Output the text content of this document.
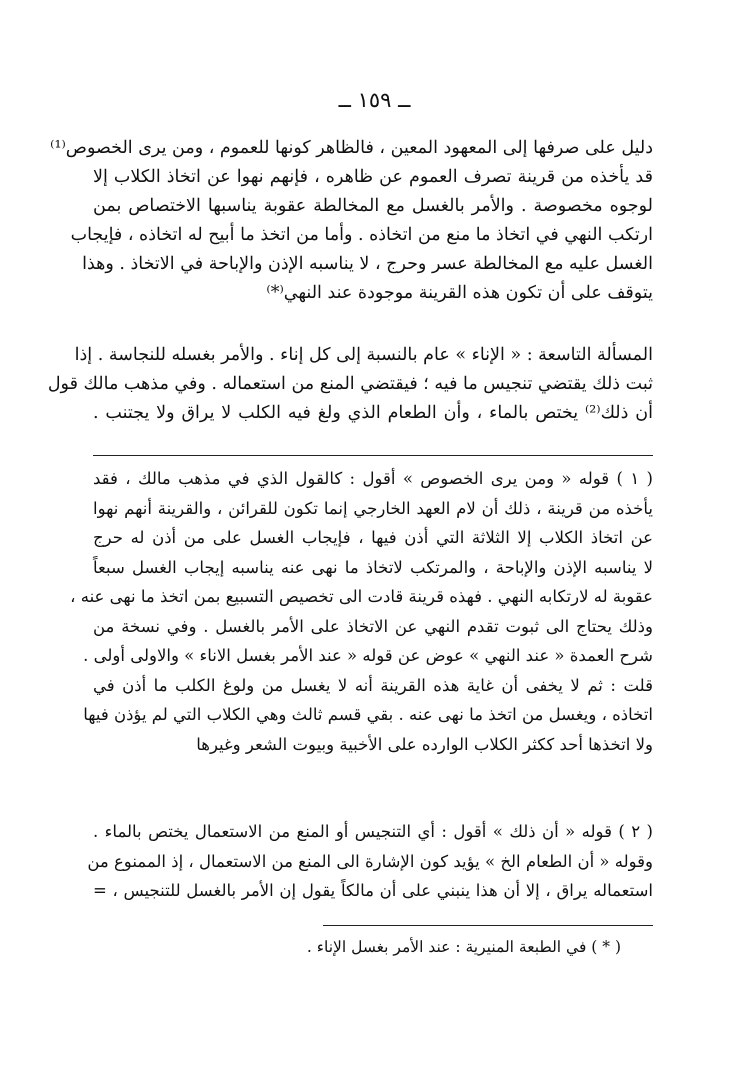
ــ ١٥٩ ــ
دليل على صرفها إلى المعهود المعين ، فالظاهر كونها للعموم ، ومن يرى الخصوص⁽¹⁾
قد يأخذه من قرينة تصرف العموم عن ظاهره ، فإنهم نهوا عن اتخاذ الكلاب إلا
لوجوه مخصوصة . والأمر بالغسل مع المخالطة عقوبة يناسبها الاختصاص بمن
ارتكب النهي في اتخاذ ما منع من اتخاذه . وأما من اتخذ ما أبيح له اتخاذه ، فإيجاب
الغسل عليه مع المخالطة عسر وحرج ، لا يناسبه الإذن والإباحة في الاتخاذ . وهذا
يتوقف على أن تكون هذه القرينة موجودة عند النهي⁽*⁾
المسألة التاسعة : « الإناء » عام بالنسبة إلى كل إناء . والأمر بغسله للنجاسة . إذا
ثبت ذلك يقتضي تنجيس ما فيه ؛ فيقتضي المنع من استعماله . وفي مذهب مالك قول
أن ذلك⁽²⁾ يختص بالماء ، وأن الطعام الذي ولغ فيه الكلب لا يراق ولا يجتنب .
( ١ ) قوله « ومن يرى الخصوص » أقول : كالقول الذي في مذهب مالك ، فقد
يأخذه من قرينة ، ذلك أن لام العهد الخارجي إنما تكون للقرائن ، والقرينة أنهم نهوا
عن اتخاذ الكلاب إلا الثلاثة التي أذن فيها ، فإيجاب الغسل على من أذن له حرج
لا يناسبه الإذن والإباحة ، والمرتكب لاتخاذ ما نهى عنه يناسبه إيجاب الغسل سبعاً
عقوبة له لارتكابه النهي . فهذه قرينة قادت الى تخصيص التسبيع بمن اتخذ ما نهى عنه ،
وذلك يحتاج الى ثبوت تقدم النهي عن الاتخاذ على الأمر بالغسل . وفي نسخة من
شرح العمدة « عند النهي » عوض عن قوله « عند الأمر بغسل الاناء » والاولى أولى .
قلت : ثم لا يخفى أن غاية هذه القرينة أنه لا يغسل من ولوغ الكلب ما أذن في
اتخاذه ، ويغسل من اتخذ ما نهى عنه . بقي قسم ثالث وهي الكلاب التي لم يؤذن فيها
ولا اتخذها أحد ككثر الكلاب الوارده على الأخبية وبيوت الشعر وغيرها
( ٢ ) قوله « أن ذلك » أقول : أي التنجيس أو المنع من الاستعمال يختص بالماء .
وقوله « أن الطعام الخ » يؤيد كون الإشارة الى المنع من الاستعمال ، إذ الممنوع من
استعماله يراق ، إلا أن هذا ينبني على أن مالكاً يقول إن الأمر بالغسل للتنجيس ، =
( * ) في الطبعة المنيرية : عند الأمر بغسل الإناء .
